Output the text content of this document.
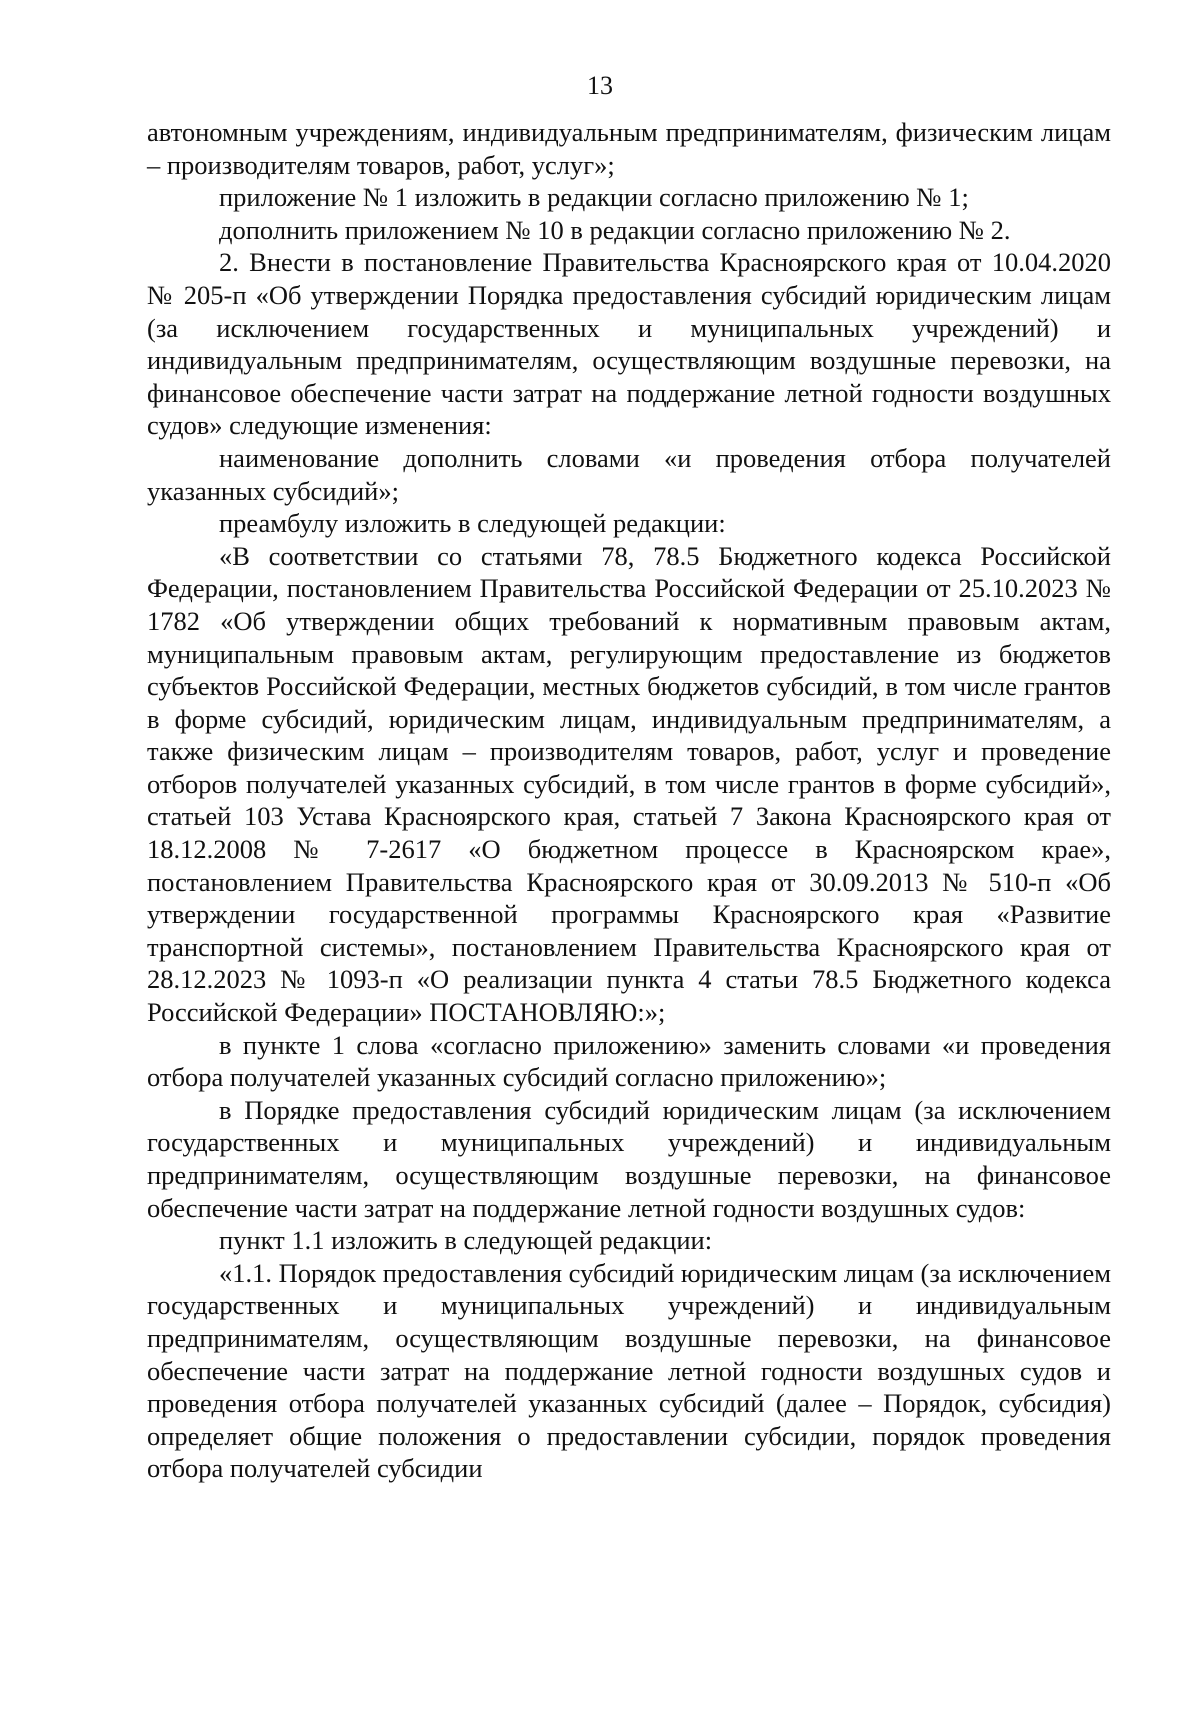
13

автономным учреждениям, индивидуальным предпринимателям, физическим лицам – производителям товаров, работ, услуг»;

приложение № 1 изложить в редакции согласно приложению № 1;

дополнить приложением № 10 в редакции согласно приложению № 2.

2. Внести в постановление Правительства Красноярского края от 10.04.2020 № 205-п «Об утверждении Порядка предоставления субсидий юридическим лицам (за исключением государственных и муниципальных учреждений) и индивидуальным предпринимателям, осуществляющим воздушные перевозки, на финансовое обеспечение части затрат на поддержание летной годности воздушных судов» следующие изменения:

наименование дополнить словами «и проведения отбора получателей указанных субсидий»;

преамбулу изложить в следующей редакции:

«В соответствии со статьями 78, 78.5 Бюджетного кодекса Российской Федерации, постановлением Правительства Российской Федерации от 25.10.2023 № 1782 «Об утверждении общих требований к нормативным правовым актам, муниципальным правовым актам, регулирующим предоставление из бюджетов субъектов Российской Федерации, местных бюджетов субсидий, в том числе грантов в форме субсидий, юридическим лицам, индивидуальным предпринимателям, а также физическим лицам – производителям товаров, работ, услуг и проведение отборов получателей указанных субсидий, в том числе грантов в форме субсидий», статьей 103 Устава Красноярского края, статьей 7 Закона Красноярского края от 18.12.2008 № 7-2617 «О бюджетном процессе в Красноярском крае», постановлением Правительства Красноярского края от 30.09.2013 № 510-п «Об утверждении государственной программы Красноярского края «Развитие транспортной системы», постановлением Правительства Красноярского края от 28.12.2023 № 1093-п «О реализации пункта 4 статьи 78.5 Бюджетного кодекса Российской Федерации» ПОСТАНОВЛЯЮ:»;

в пункте 1 слова «согласно приложению» заменить словами «и проведения отбора получателей указанных субсидий согласно приложению»;

в Порядке предоставления субсидий юридическим лицам (за исключением государственных и муниципальных учреждений) и индивидуальным предпринимателям, осуществляющим воздушные перевозки, на финансовое обеспечение части затрат на поддержание летной годности воздушных судов:

пункт 1.1 изложить в следующей редакции:

«1.1. Порядок предоставления субсидий юридическим лицам (за исключением государственных и муниципальных учреждений) и индивидуальным предпринимателям, осуществляющим воздушные перевозки, на финансовое обеспечение части затрат на поддержание летной годности воздушных судов и проведения отбора получателей указанных субсидий (далее – Порядок, субсидия) определяет общие положения о предоставлении субсидии, порядок проведения отбора получателей субсидии
